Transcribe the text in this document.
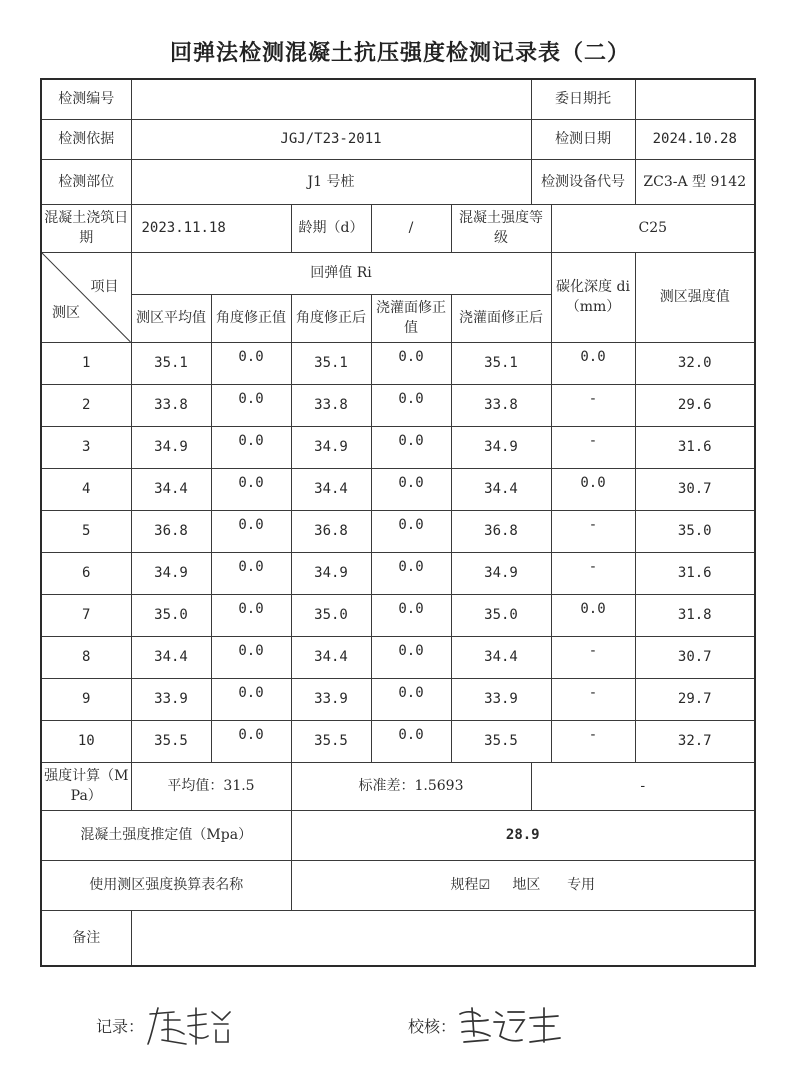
回弹法检测混凝土抗压强度检测记录表（二）
检测编号						委日期托		
检测依据	JGJ/T23-2011					检测日期		2024.10.28
检测部位	J1 号桩					检测设备代号		ZC3-A 型 9142
混凝土浇筑日期	2023.11.18		龄期（d）	/	混凝土强度等级		C25	

项目
测区	回弹值 Ri						碳化深度 di（mm）	测区强度值
	测区平均值	角度修正值	角度修正后	浇灌面修正值	浇灌面修正后			
1	35.1	0.0	35.1	0.0	35.1		0.0	32.0
2	33.8	0.0	33.8	0.0	33.8		-	29.6
3	34.9	0.0	34.9	0.0	34.9		-	31.6
4	34.4	0.0	34.4	0.0	34.4		0.0	30.7
5	36.8	0.0	36.8	0.0	36.8		-	35.0
6	34.9	0.0	34.9	0.0	34.9		-	31.6
7	35.0	0.0	35.0	0.0	35.0		0.0	31.8
8	34.4	0.0	34.4	0.0	34.4		-	30.7
9	33.9	0.0	33.9	0.0	33.9		-	29.7
10	35.5	0.0	35.5	0.0	35.5		-	32.7
强度计算（MPa）	平均值：31.5		标准差：1.5693			-		
混凝土强度推定值（Mpa）			28.9					
使用测区强度换算表名称			规程☑ 地区 专用					
备注								
记录：	校核：
